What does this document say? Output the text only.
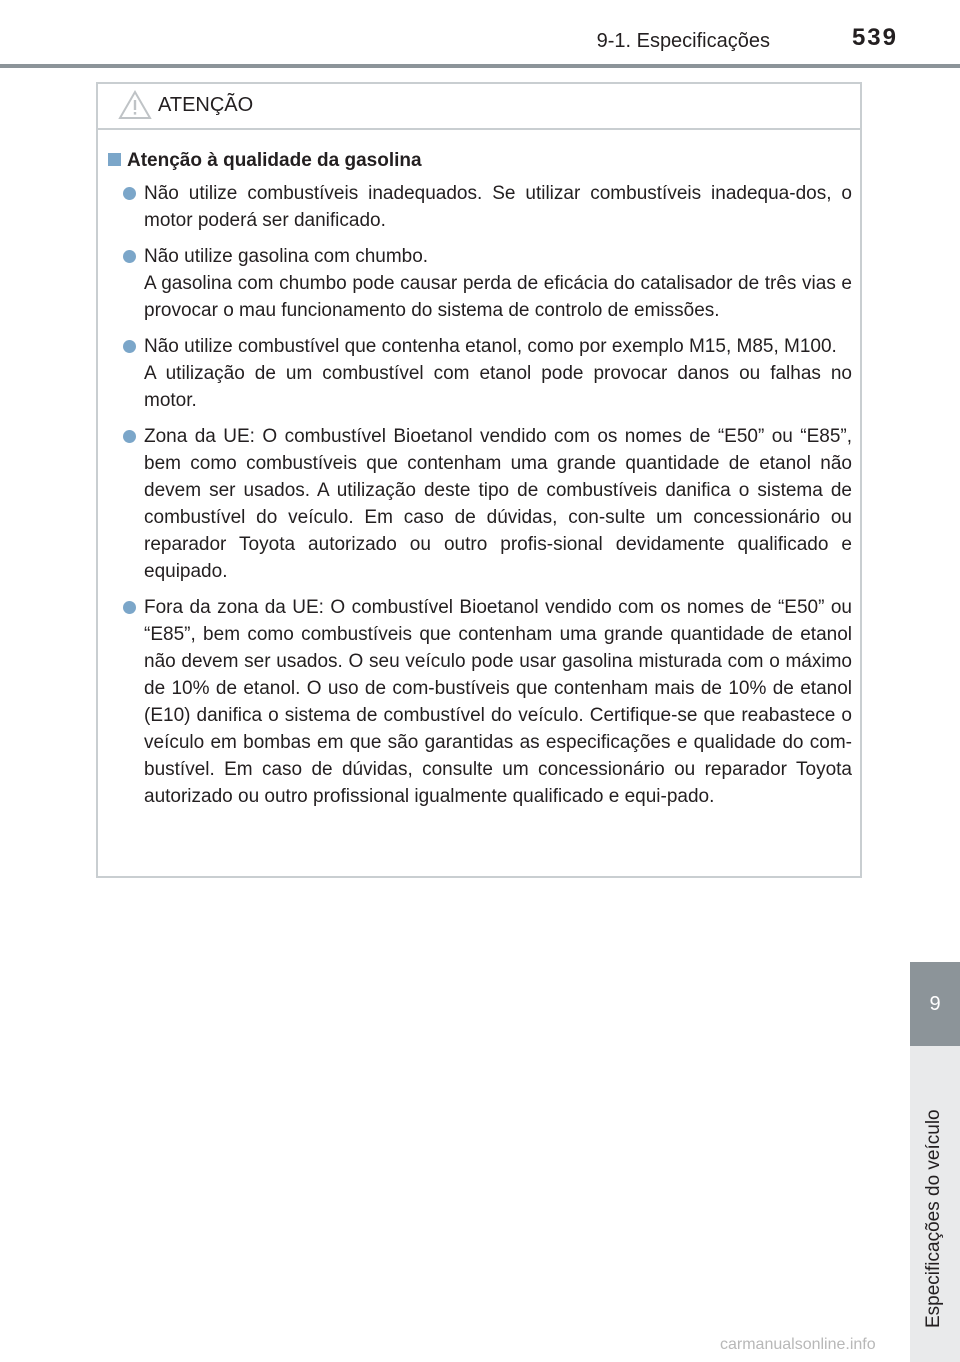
9-1. Especificações	539
ATENÇÃO
Atenção à qualidade da gasolina
Não utilize combustíveis inadequados. Se utilizar combustíveis inadequa-dos, o motor poderá ser danificado.
Não utilize gasolina com chumbo.
A gasolina com chumbo pode causar perda de eficácia do catalisador de três vias e provocar o mau funcionamento do sistema de controlo de emissões.
Não utilize combustível que contenha etanol, como por exemplo M15, M85, M100.
A utilização de um combustível com etanol pode provocar danos ou falhas no motor.
Zona da UE: O combustível Bioetanol vendido com os nomes de “E50” ou “E85”, bem como combustíveis que contenham uma grande quantidade de etanol não devem ser usados. A utilização deste tipo de combustíveis danifica o sistema de combustível do veículo. Em caso de dúvidas, con-sulte um concessionário ou reparador Toyota autorizado ou outro profis-sional devidamente qualificado e equipado.
Fora da zona da UE: O combustível Bioetanol vendido com os nomes de “E50” ou “E85”, bem como combustíveis que contenham uma grande quantidade de etanol não devem ser usados. O seu veículo pode usar gasolina misturada com o máximo de 10% de etanol. O uso de com-bustíveis que contenham mais de 10% de etanol (E10) danifica o sistema de combustível do veículo. Certifique-se que reabastece o veículo em bombas em que são garantidas as especificações e qualidade do com-bustível. Em caso de dúvidas, consulte um concessionário ou reparador Toyota autorizado ou outro profissional igualmente qualificado e equi-pado.
9
Especificações do veículo
carmanualsonline.info
